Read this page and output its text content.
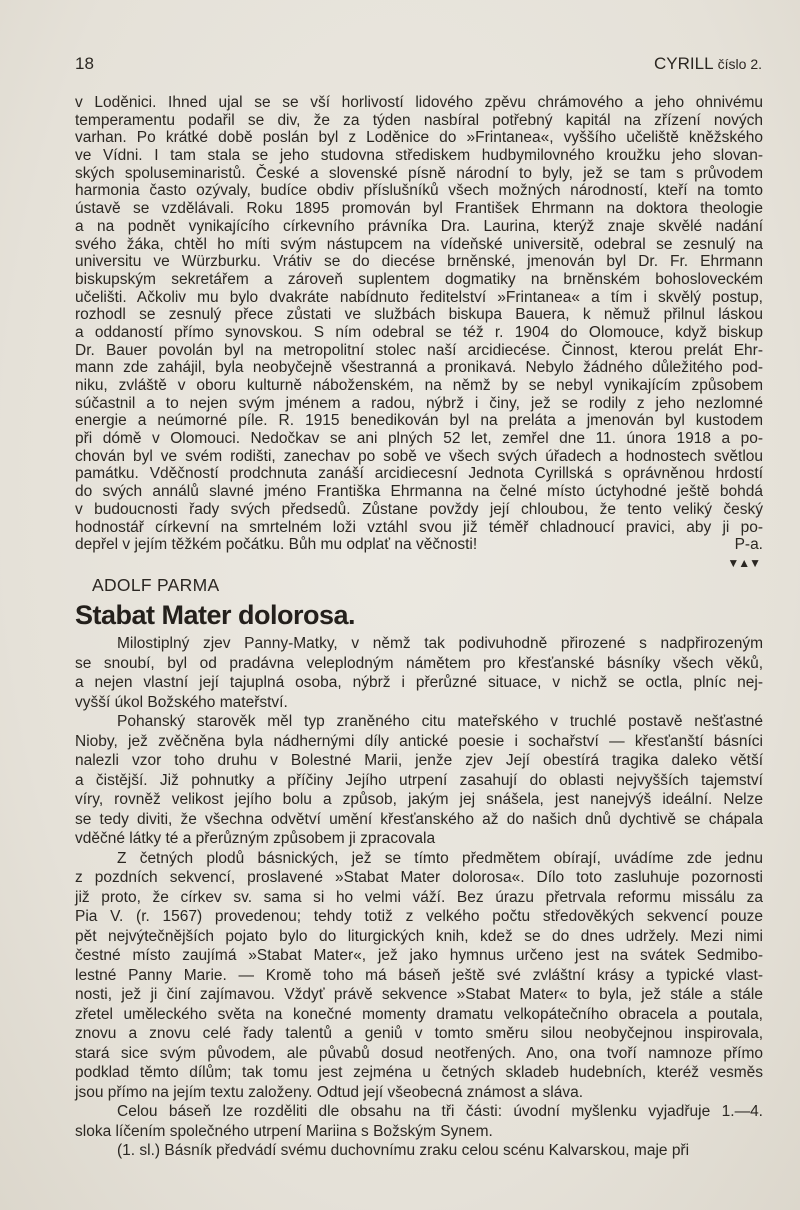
18	CYRILL číslo 2.
v Loděnici. Ihned ujal se se vší horlivostí lidového zpěvu chrámového a jeho ohnivému
temperamentu podařil se div, že za týden nasbíral potřebný kapitál na zřízení nových
varhan. Po krátké době poslán byl z Loděnice do »Frintanea«, vyššího učeliště kněžského
ve Vídni. I tam stala se jeho studovna střediskem hudbymilovného kroužku jeho slovan-
ských spoluseminaristů. České a slovenské písně národní to byly, jež se tam s průvodem
harmonia často ozývaly, budíce obdiv příslušníků všech možných národností, kteří na tomto
ústavě se vzdělávali. Roku 1895 promován byl František Ehrmann na doktora theologie
a na podnět vynikajícího církevního právníka Dra. Laurina, kterýž znaje skvělé nadání
svého žáka, chtěl ho míti svým nástupcem na vídeňské universitě, odebral se zesnulý na
universitu ve Würzburku. Vrátiv se do diecése brněnské, jmenován byl Dr. Fr. Ehrmann
biskupským sekretářem a zároveň suplentem dogmatiky na brněnském bohosloveckém
učelišti. Ačkoliv mu bylo dvakráte nabídnuto ředitelství »Frintanea« a tím i skvělý postup,
rozhodl se zesnulý přece zůstati ve službách biskupa Bauera, k němuž přilnul láskou
a oddaností přímo synovskou. S ním odebral se též r. 1904 do Olomouce, když biskup
Dr. Bauer povolán byl na metropolitní stolec naší arcidiecése. Činnost, kterou prelát Ehr-
mann zde zahájil, byla neobyčejně všestranná a pronikavá. Nebylo žádného důležitého pod-
niku, zvláště v oboru kulturně náboženském, na němž by se nebyl vynikajícím způsobem
súčastnil a to nejen svým jménem a radou, nýbrž i činy, jež se rodily z jeho nezlomné
energie a neúmorné píle. R. 1915 benedikován byl na preláta a jmenován byl kustodem
při dómě v Olomouci. Nedočkav se ani plných 52 let, zemřel dne 11. února 1918 a po-
chován byl ve svém rodišti, zanechav po sobě ve všech svých úřadech a hodnostech světlou
památku. Vděčností prodchnuta zanáší arcidiecesní Jednota Cyrillská s oprávněnou hrdostí
do svých annálů slavné jméno Františka Ehrmanna na čelné místo úctyhodné ještě bohdá
v budoucnosti řady svých předsedů. Zůstane povždy její chloubou, že tento veliký český
hodnostář církevní na smrtelném loži vztáhl svou již téměř chladnoucí pravici, aby ji po-
depřel v jejím těžkém počátku. Bůh mu odplať na věčnosti!	P-a.
▼▲▼
ADOLF PARMA
Stabat Mater dolorosa.
Milostiplný zjev Panny-Matky, v němž tak podivuhodně přirozené s nadpřirozeným
se snoubí, byl od pradávna veleplodným námětem pro křesťanské básníky všech věků,
a nejen vlastní její tajuplná osoba, nýbrž i přerůzné situace, v nichž se octla, plníc nej-
vyšší úkol Božského mateřství.
Pohanský starověk měl typ zraněného citu mateřského v truchlé postavě nešťastné
Nioby, jež zvěčněna byla nádhernými díly antické poesie i sochařství — křesťanští básníci
nalezli vzor toho druhu v Bolestné Marii, jenže zjev Její obestírá tragika daleko větší
a čistější. Již pohnutky a příčiny Jejího utrpení zasahují do oblasti nejvyšších tajemství
víry, rovněž velikost jejího bolu a způsob, jakým jej snášela, jest nanejvýš ideální. Nelze
se tedy diviti, že všechna odvětví umění křesťanského až do našich dnů dychtivě se chápala
vděčné látky té a přerůzným způsobem ji zpracovala
Z četných plodů básnických, jež se tímto předmětem obírají, uvádíme zde jednu
z pozdních sekvencí, proslavené »Stabat Mater dolorosa«. Dílo toto zasluhuje pozornosti
již proto, že církev sv. sama si ho velmi váží. Bez úrazu přetrvala reformu missálu za
Pia V. (r. 1567) provedenou; tehdy totiž z velkého počtu středověkých sekvencí pouze
pět nejvýtečnějších pojato bylo do liturgických knih, kdež se do dnes udržely. Mezi nimi
čestné místo zaujímá »Stabat Mater«, jež jako hymnus určeno jest na svátek Sedmibo-
lestné Panny Marie. — Kromě toho má báseň ještě své zvláštní krásy a typické vlast-
nosti, jež ji činí zajímavou. Vždyť právě sekvence »Stabat Mater« to byla, jež stále a stále
zřetel uměleckého světa na konečné momenty dramatu velkopátečního obracela a poutala,
znovu a znovu celé řady talentů a geniů v tomto směru silou neobyčejnou inspirovala,
stará sice svým původem, ale půvabů dosud neotřených. Ano, ona tvoří namnoze přímo
podklad těmto dílům; tak tomu jest zejména u četných skladeb hudebních, kteréž vesměs
jsou přímo na jejím textu založeny. Odtud její všeobecná známost a sláva.
Celou báseň lze rozděliti dle obsahu na tři části: úvodní myšlenku vyjadřuje 1.—4.
sloka líčením společného utrpení Mariina s Božským Synem.
(1. sl.) Básník předvádí svému duchovnímu zraku celou scénu Kalvarskou, maje při
